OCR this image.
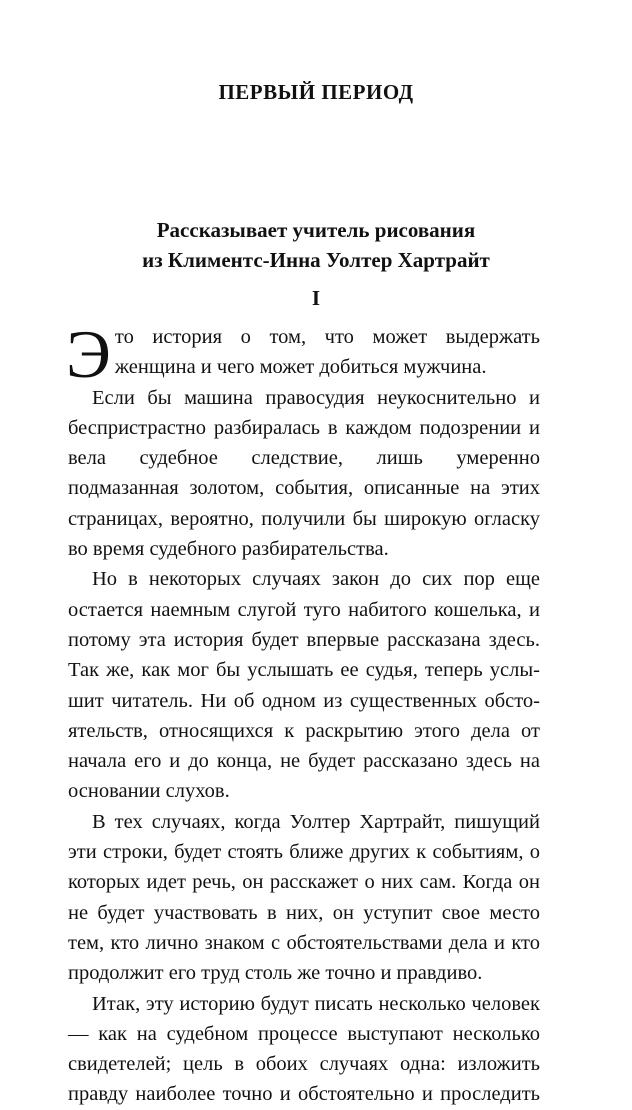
ПЕРВЫЙ ПЕРИОД
Рассказывает учитель рисования
из Климентс-Инна Уолтер Хартрайт
I

Это история о том, что может выдержать женщина и чего может добиться мужчина.

Если бы машина правосудия неукоснительно и беспристрастно разбиралась в каждом подозрении и вела судебное следствие, лишь умеренно подмазанная золотом, события, описанные на этих страницах, вероятно, получили бы широкую огласку во время судебного разбирательства.

Но в некоторых случаях закон до сих пор еще остается наемным слугой туго набитого кошелька, и потому эта история будет впервые рассказана здесь. Так же, как мог бы услышать ее судья, теперь услышит читатель. Ни об одном из существенных обстоятельств, относящихся к раскрытию этого дела от начала его и до конца, не будет рассказано здесь на основании слухов.

В тех случаях, когда Уолтер Хартрайт, пишущий эти строки, будет стоять ближе других к событиям, о которых идет речь, он расскажет о них сам. Когда он не будет участвовать в них, он уступит свое место тем, кто лично знаком с обстоятельствами дела и кто продолжит его труд столь же точно и правдиво.

Итак, эту историю будут писать несколько человек — как на судебном процессе выступают несколько свидетелей; цель в обоих случаях одна: изложить правду наиболее точно и обстоятельно и проследить
